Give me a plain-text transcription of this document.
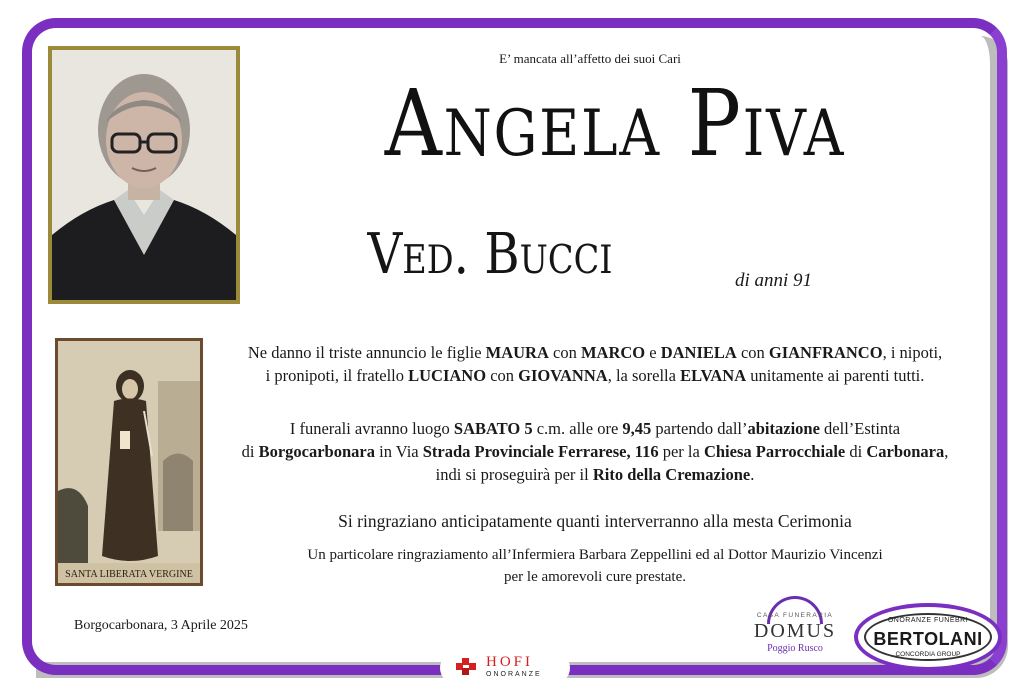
SANTA LIBERATA VERGINE
E’ mancata all’affetto dei suoi Cari
Angela Piva
Ved. Bucci	di anni 91
Ne danno il triste annuncio le figlie MAURA con MARCO e DANIELA con GIANFRANCO, i nipoti,
i pronipoti, il fratello LUCIANO con GIOVANNA, la sorella ELVANA unitamente ai parenti tutti.
I funerali avranno luogo SABATO 5 c.m. alle ore 9,45 partendo dall’abitazione dell’Estinta
di Borgocarbonara in Via Strada Provinciale Ferrarese, 116 per la Chiesa Parrocchiale di Carbonara,
indi si proseguirà per il Rito della Cremazione.
Si ringraziano anticipatamente quanti interverranno alla mesta Cerimonia
Un particolare ringraziamento all’Infermiera Barbara Zeppellini ed al Dottor Maurizio Vincenzi
per le amorevoli cure prestate.
Borgocarbonara, 3 Aprile 2025
CASA FUNERARIA
DOMUS
Poggio Rusco
ONORANZE FUNEBRI
BERTOLANI
CONCORDIA GROUP
HOFI
ONORANZE
